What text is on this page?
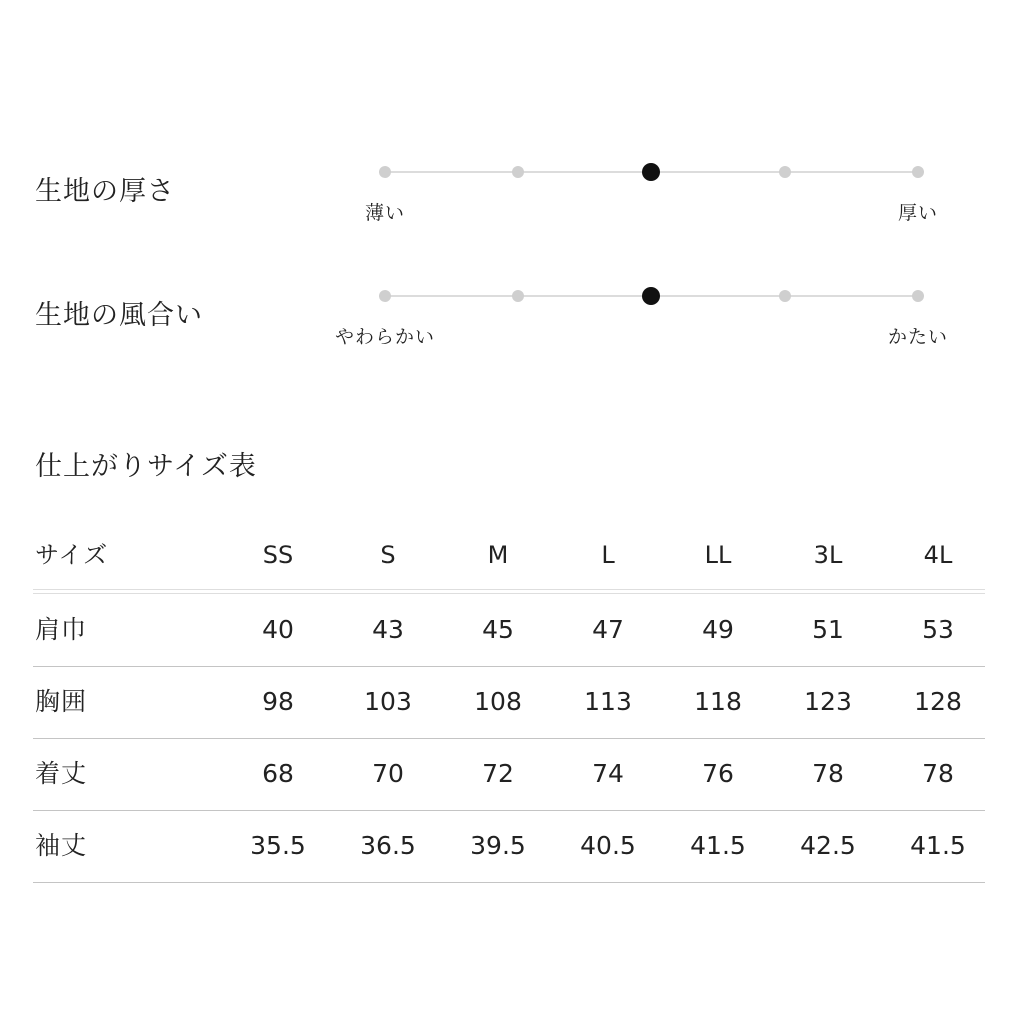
生地の厚さ
薄い	厚い
生地の風合い
やわらかい	かたい
仕上がりサイズ表
サイズ	SS	S	M	L	LL	3L	4L
肩巾	40	43	45	47	49	51	53
胸囲	98	103	108	113	118	123	128
着丈	68	70	72	74	76	78	78
袖丈	35.5	36.5	39.5	40.5	41.5	42.5	41.5
